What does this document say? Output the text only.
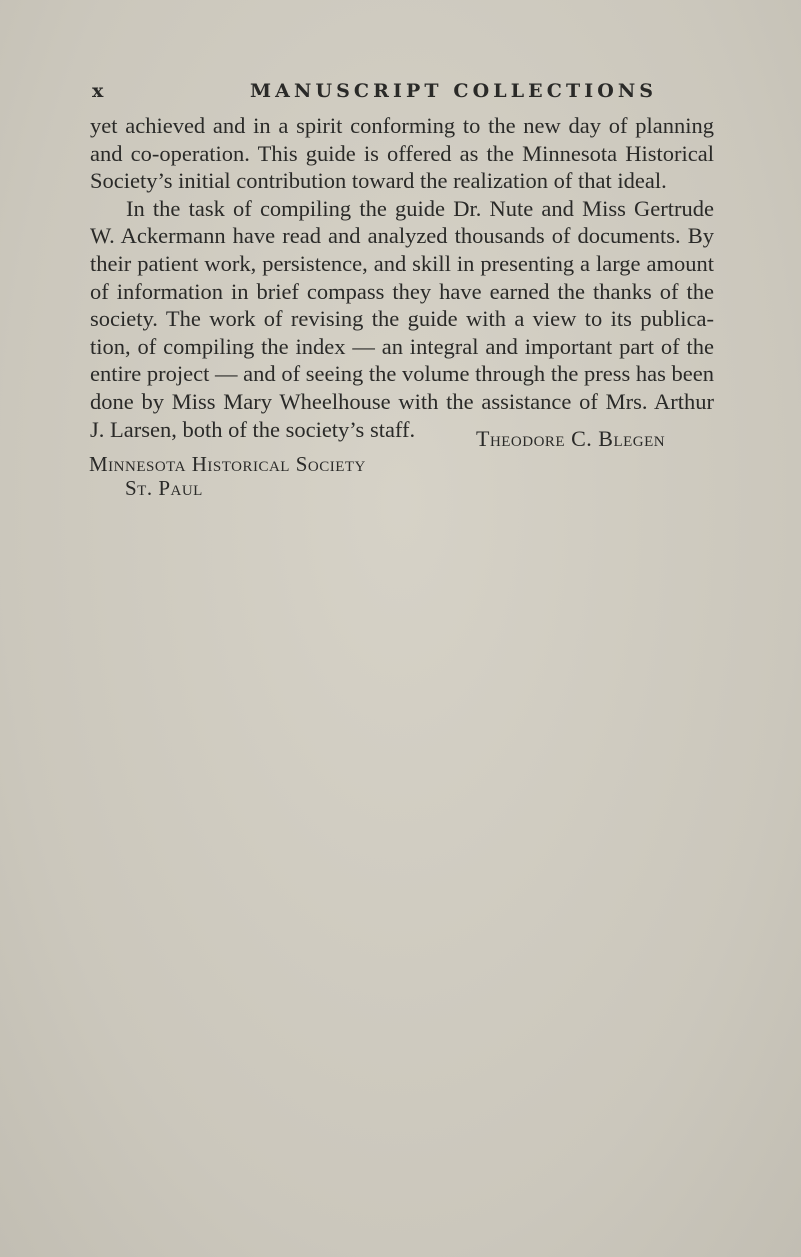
x	MANUSCRIPT COLLECTIONS
yet achieved and in a spirit conforming to the new day of planning
and co-operation. This guide is offered as the Minnesota Historical
Society’s initial contribution toward the realization of that ideal.
In the task of compiling the guide Dr. Nute and Miss Gertrude
W. Ackermann have read and analyzed thousands of documents. By
their patient work, persistence, and skill in presenting a large amount
of information in brief compass they have earned the thanks of the
society. The work of revising the guide with a view to its publica-
tion, of compiling the index — an integral and important part of the
entire project — and of seeing the volume through the press has been
done by Miss Mary Wheelhouse with the assistance of Mrs. Arthur
J. Larsen, both of the society’s staff.	Theodore C. Blegen
Minnesota Historical Society
St. Paul
